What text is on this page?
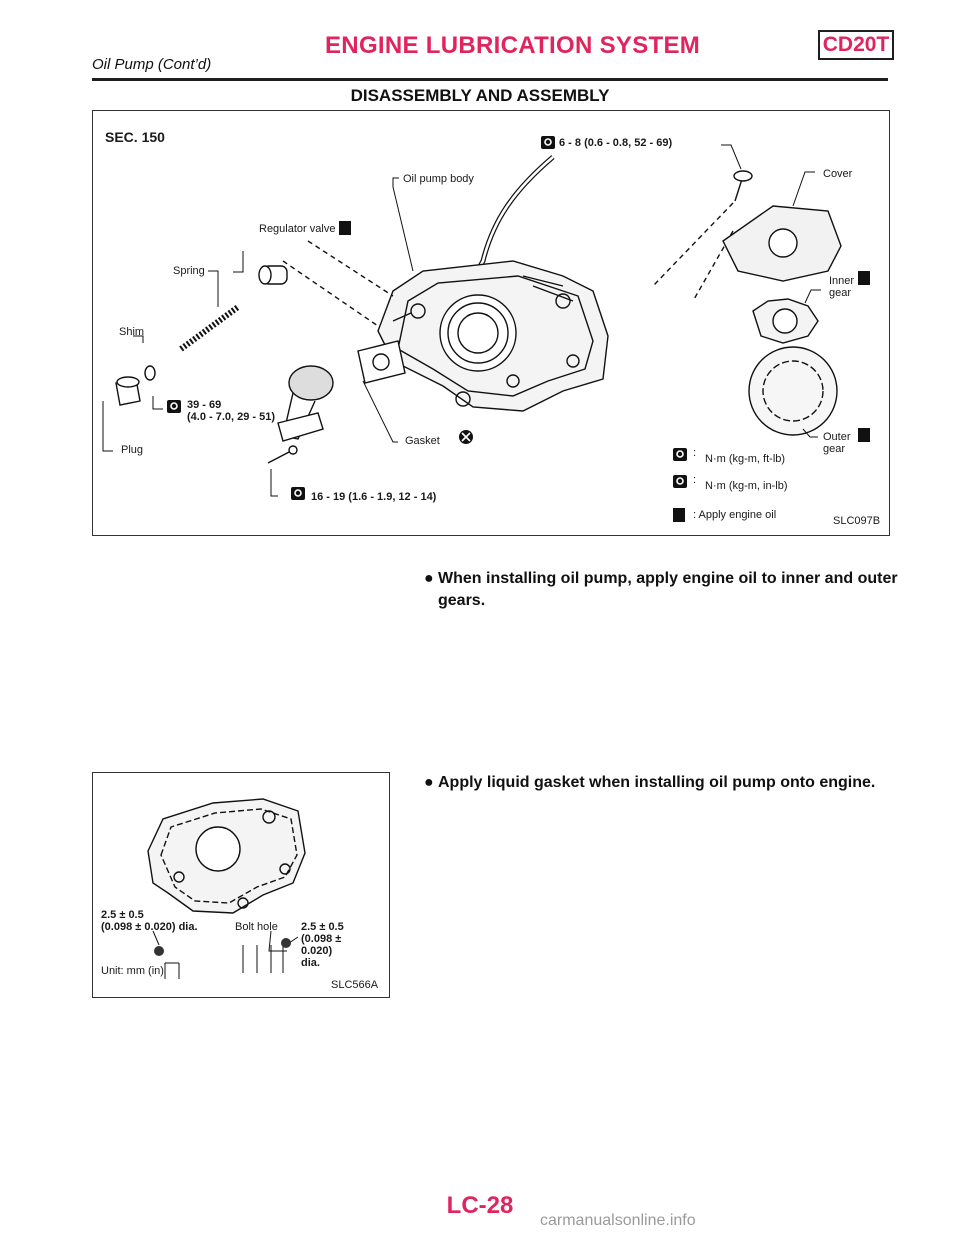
ENGINE LUBRICATION SYSTEM	CD20T
Oil Pump (Cont’d)
DISASSEMBLY AND ASSEMBLY
SEC. 150	6 - 8 (0.6 - 0.8, 52 - 69)
Cover
Oil pump body
Regulator valve
Spring
Inner
gear
Shim
39 - 69
(4.0 - 7.0, 29 - 51)
Plug
Gasket	Outer
gear
16 - 19 (1.6 - 1.9, 12 - 14)
: N·m (kg-m, ft-lb)
: N·m (kg-m, in-lb)
: Apply engine oil	SLC097B
● When installing oil pump, apply engine oil to inner and outer gears.
● Apply liquid gasket when installing oil pump onto engine.
2.5 ± 0.5
(0.098 ± 0.020) dia.	Bolt hole 2.5 ± 0.5
(0.098 ±
0.020)
dia.
Unit: mm (in)
SLC566A
LC-28
carmanualsonline.info
